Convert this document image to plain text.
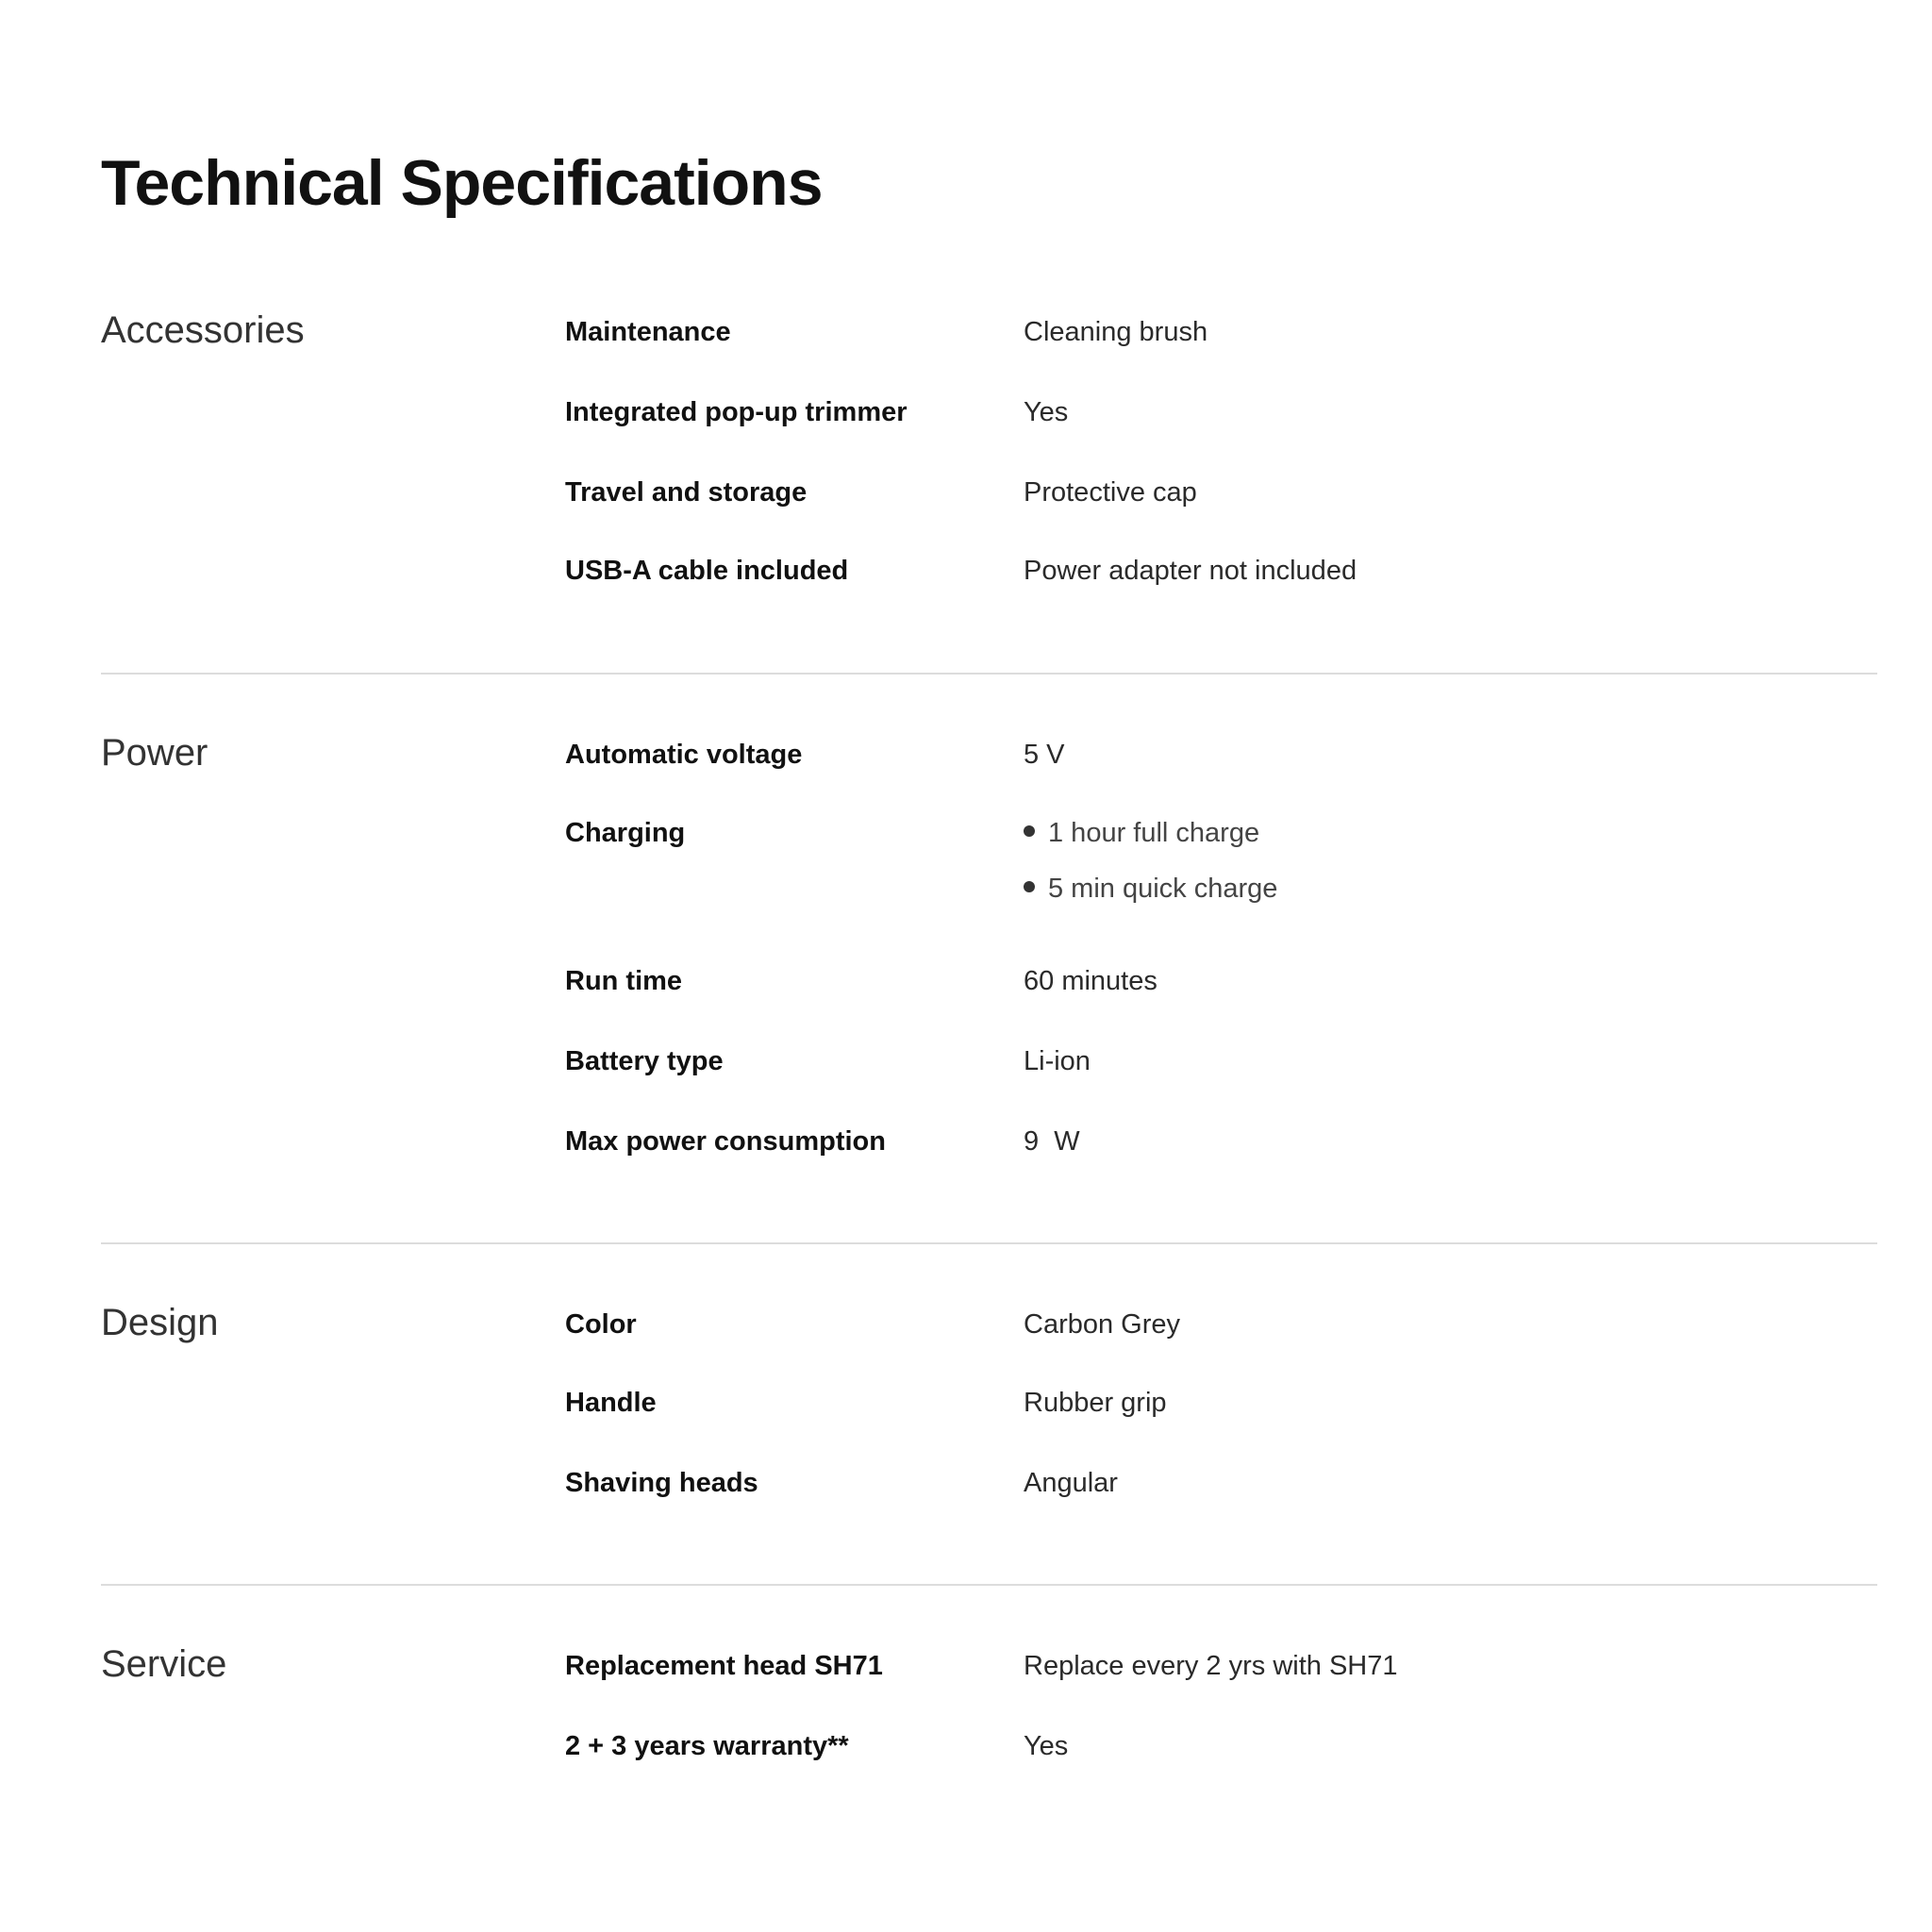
Technical Specifications
Accessories	Maintenance	Cleaning brush
Integrated pop-up trimmer	Yes
Travel and storage	Protective cap
USB-A cable included	Power adapter not included
Power	Automatic voltage	5 V
Charging	1 hour full charge
5 min quick charge
Run time	60 minutes
Battery type	Li-ion
Max power consumption	9  W
Design	Color	Carbon Grey
Handle	Rubber grip
Shaving heads	Angular
Service	Replacement head SH71	Replace every 2 yrs with SH71
2 + 3 years warranty**	Yes
